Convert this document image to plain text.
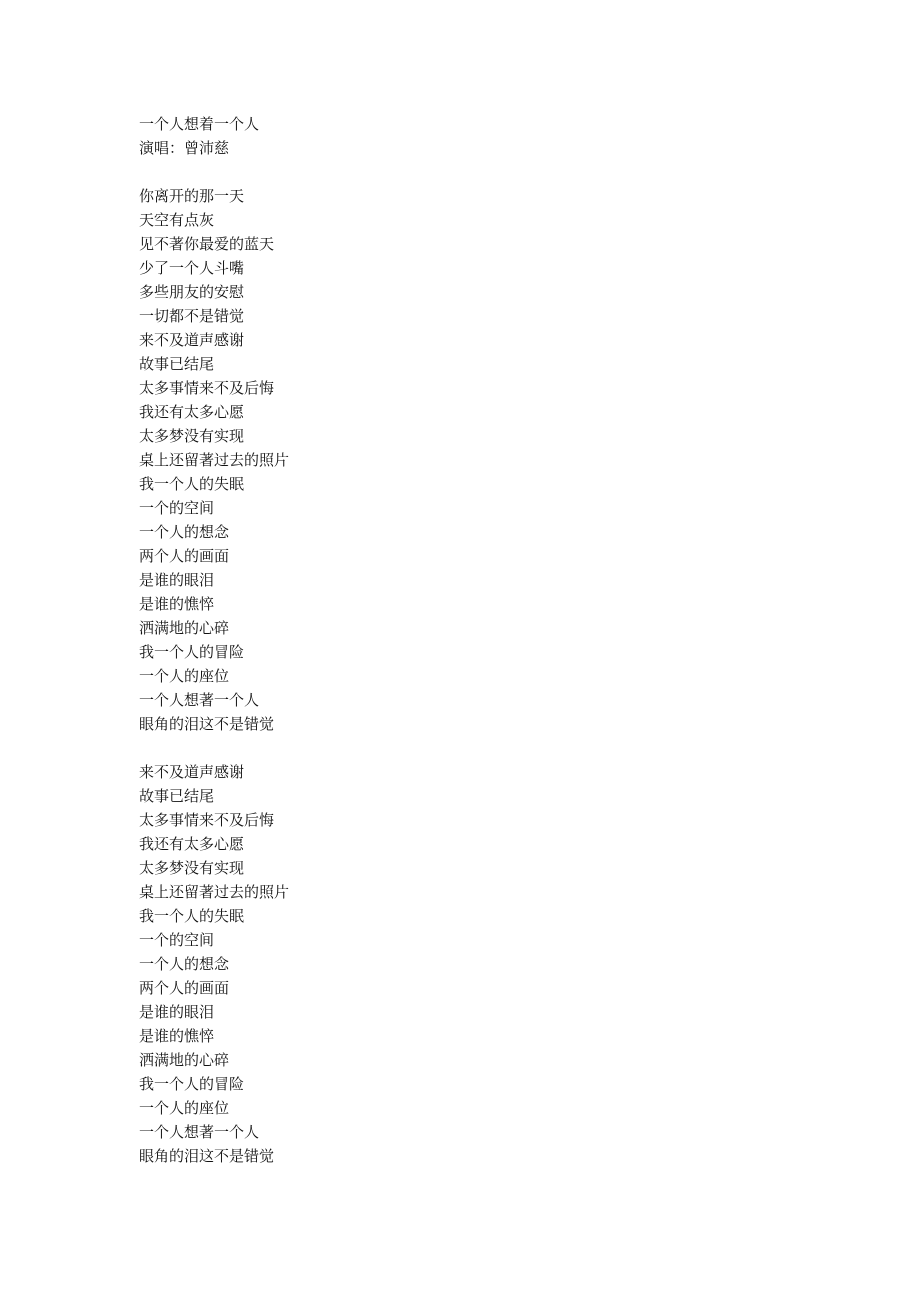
一个人想着一个人
演唱：曾沛慈
你离开的那一天
天空有点灰
见不著你最爱的蓝天
少了一个人斗嘴
多些朋友的安慰
一切都不是错觉
来不及道声感谢
故事已结尾
太多事情来不及后悔
我还有太多心愿
太多梦没有实现
桌上还留著过去的照片
我一个人的失眠
一个的空间
一个人的想念
两个人的画面
是谁的眼泪
是谁的憔悴
洒满地的心碎
我一个人的冒险
一个人的座位
一个人想著一个人
眼角的泪这不是错觉
来不及道声感谢
故事已结尾
太多事情来不及后悔
我还有太多心愿
太多梦没有实现
桌上还留著过去的照片
我一个人的失眠
一个的空间
一个人的想念
两个人的画面
是谁的眼泪
是谁的憔悴
洒满地的心碎
我一个人的冒险
一个人的座位
一个人想著一个人
眼角的泪这不是错觉
